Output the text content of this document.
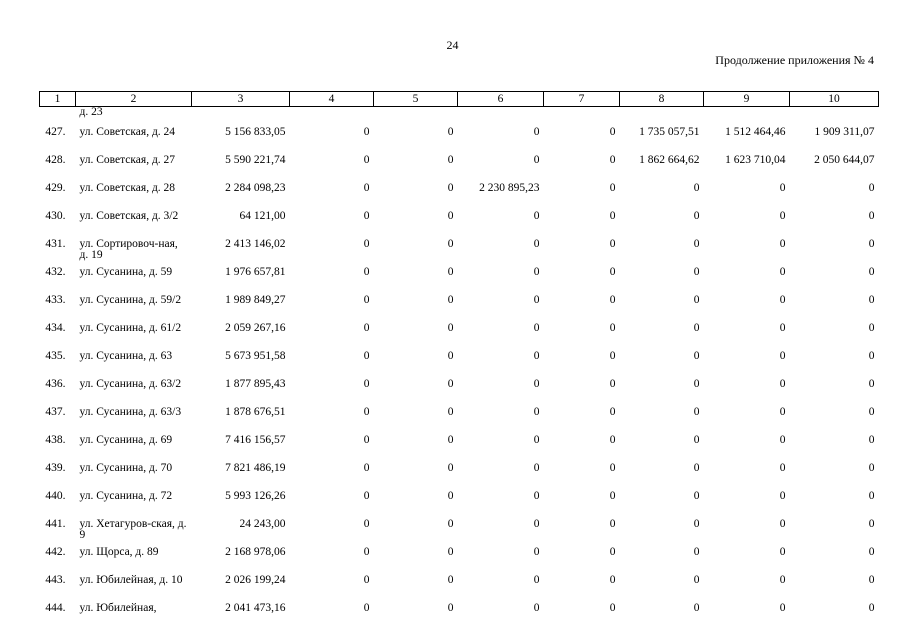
24
Продолжение приложения № 4
1	2	3	4	5	6	7	8	9	10
	д. 23								
427.	ул. Советская, д. 24	5 156 833,05	0	0	0	0	1 735 057,51	1 512 464,46	1 909 311,07
428.	ул. Советская, д. 27	5 590 221,74	0	0	0	0	1 862 664,62	1 623 710,04	2 050 644,07
429.	ул. Советская, д. 28	2 284 098,23	0	0	2 230 895,23	0	0	0	0
430.	ул. Советская, д. 3/2	64 121,00	0	0	0	0	0	0	0
431.	ул. Сортировоч-ная, д. 19	2 413 146,02	0	0	0	0	0	0	0
432.	ул. Сусанина, д. 59	1 976 657,81	0	0	0	0	0	0	0
433.	ул. Сусанина, д. 59/2	1 989 849,27	0	0	0	0	0	0	0
434.	ул. Сусанина, д. 61/2	2 059 267,16	0	0	0	0	0	0	0
435.	ул. Сусанина, д. 63	5 673 951,58	0	0	0	0	0	0	0
436.	ул. Сусанина, д. 63/2	1 877 895,43	0	0	0	0	0	0	0
437.	ул. Сусанина, д. 63/3	1 878 676,51	0	0	0	0	0	0	0
438.	ул. Сусанина, д. 69	7 416 156,57	0	0	0	0	0	0	0
439.	ул. Сусанина, д. 70	7 821 486,19	0	0	0	0	0	0	0
440.	ул. Сусанина, д. 72	5 993 126,26	0	0	0	0	0	0	0
441.	ул. Хетагуров-ская, д. 9	24 243,00	0	0	0	0	0	0	0
442.	ул. Щорса, д. 89	2 168 978,06	0	0	0	0	0	0	0
443.	ул. Юбилейная, д. 10	2 026 199,24	0	0	0	0	0	0	0
444.	ул. Юбилейная,	2 041 473,16	0	0	0	0	0	0	0
